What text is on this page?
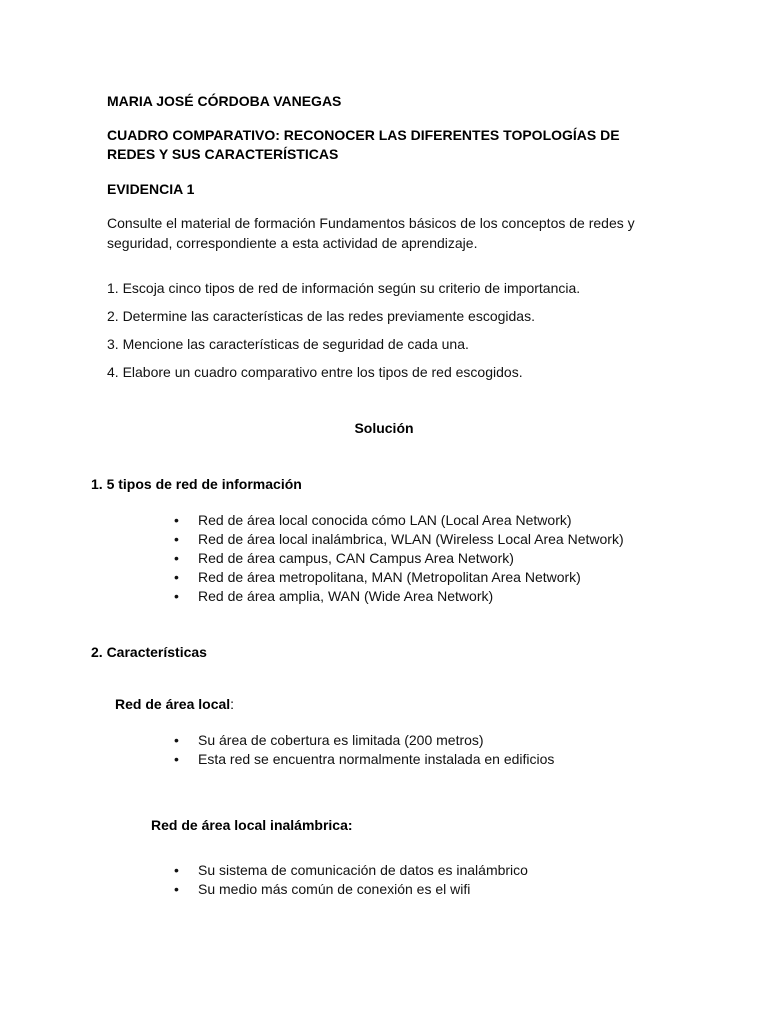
MARIA JOSÉ CÓRDOBA VANEGAS
CUADRO COMPARATIVO: RECONOCER LAS DIFERENTES TOPOLOGÍAS DE
REDES Y SUS CARACTERÍSTICAS
EVIDENCIA 1
Consulte el material de formación Fundamentos básicos de los conceptos de redes y seguridad, correspondiente a esta actividad de aprendizaje.
1. Escoja cinco tipos de red de información según su criterio de importancia.
2. Determine las características de las redes previamente escogidas.
3. Mencione las características de seguridad de cada una.
4. Elabore un cuadro comparativo entre los tipos de red escogidos.
Solución
1. 5 tipos de red de información
• Red de área local conocida cómo LAN (Local Area Network)
• Red de área local inalámbrica, WLAN (Wireless Local Area Network)
• Red de área campus, CAN Campus Area Network)
• Red de área metropolitana, MAN (Metropolitan Area Network)
• Red de área amplia, WAN (Wide Area Network)
2. Características
Red de área local:
• Su área de cobertura es limitada (200 metros)
• Esta red se encuentra normalmente instalada en edificios
Red de área local inalámbrica:
• Su sistema de comunicación de datos es inalámbrico
• Su medio más común de conexión es el wifi
